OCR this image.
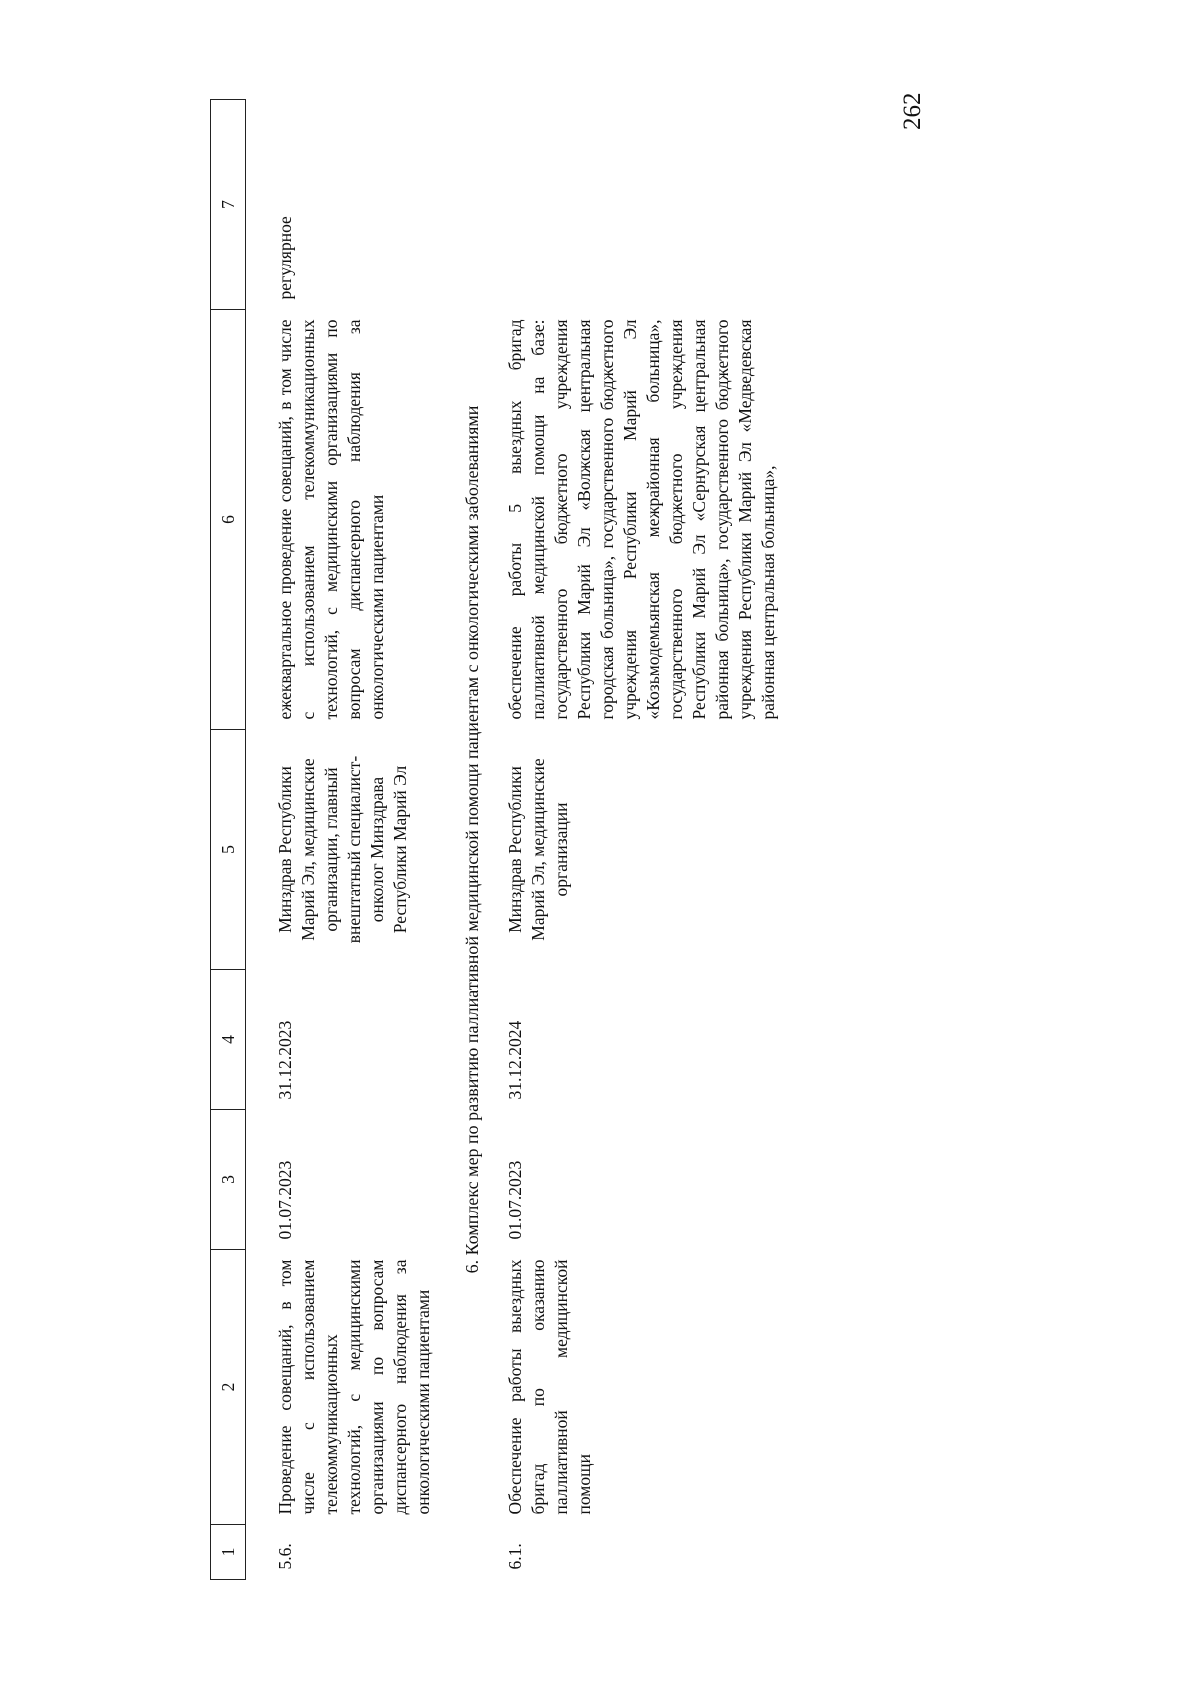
262
1	2	3	4	5	6	7
5.6.	Проведение совещаний, в том числе с использованием телекоммуникационных технологий, с медицинскими организациями по вопросам диспансерного наблюдения за онкологическими пациентами	01.07.2023	31.12.2023	Минздрав Республики Марий Эл, медицинские организации, главный внештатный специалист-онколог Минздрава Республики Марий Эл	ежеквартальное проведение совещаний, в том числе с использованием телекоммуникационных технологий, с медицинскими организациями по вопросам диспансерного наблюдения за онкологическими пациентами	регулярное
6. Комплекс мер по развитию паллиативной медицинской помощи пациентам с онкологическими заболеваниями						
6.1.	Обеспечение работы выездных бригад по оказанию паллиативной медицинской помощи	01.07.2023	31.12.2024	Минздрав Республики Марий Эл, медицинские организации	обеспечение работы 5 выездных бригад паллиативной медицинской помощи на базе: государственного бюджетного учреждения Республики Марий Эл «Волжская центральная городская больница», государственного бюджетного учреждения Республики Марий Эл «Козьмодемьянская межрайонная больница», государственного бюджетного учреждения Республики Марий Эл «Сернурская центральная районная больница», государственного бюджетного учреждения Республики Марий Эл «Медведевская районная центральная больница»,	
